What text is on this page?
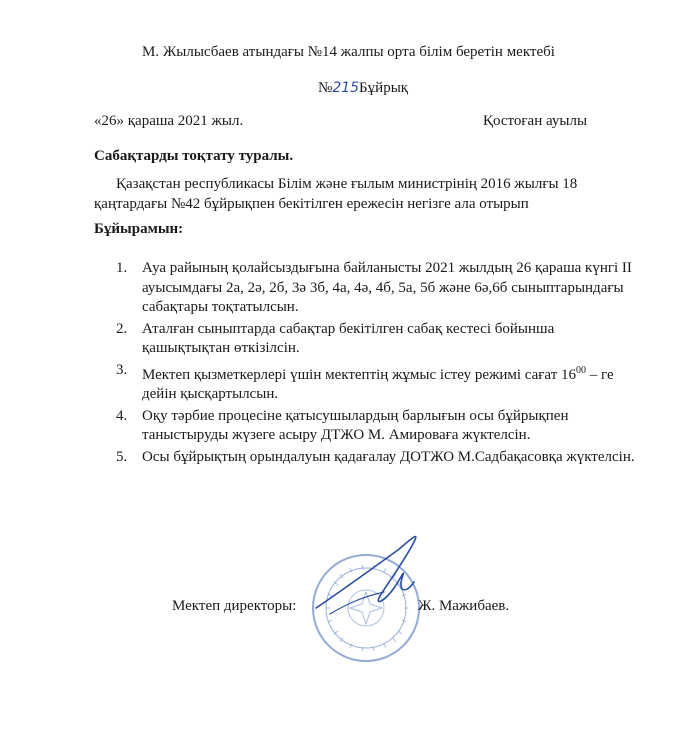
М. Жылысбаев атындағы №14 жалпы орта білім беретін мектебі
№215Бұйрық
«26» қараша 2021 жыл.	Қостоған ауылы
Сабақтарды тоқтату туралы.
Қазақстан республикасы Білім және ғылым министрінің 2016 жылғы 18
қаңтардағы №42 бұйрықпен бекітілген ережесін негізге ала отырып
Бұйырамын:
1. Ауа райының қолайсыздығына байланысты 2021 жылдың 26 қараша күнгі ІІ ауысымдағы 2а, 2ә, 2б, 3ә 3б, 4а, 4ә, 4б, 5а, 5б және 6ә,6б сыныптарындағы сабақтары тоқтатылсын.
2. Аталған сыныптарда сабақтар бекітілген сабақ кестесі бойынша қашықтықтан өткізілсін.
3. Мектеп қызметкерлері үшін мектептің жұмыс істеу режимі сағат $16^{00}$ – ге дейін қысқартылсын.
4. Оқу тәрбие процесіне қатысушылардың барлығын осы бұйрықпен таныстыруды жүзеге асыру ДТЖО М. Амироваға жүктелсін.
5. Осы бұйрықтың орындалуын қадағалау ДОТЖО М.Садбақасовқа жүктелсін.
Мектеп директоры:	Ж. Мажибаев.
